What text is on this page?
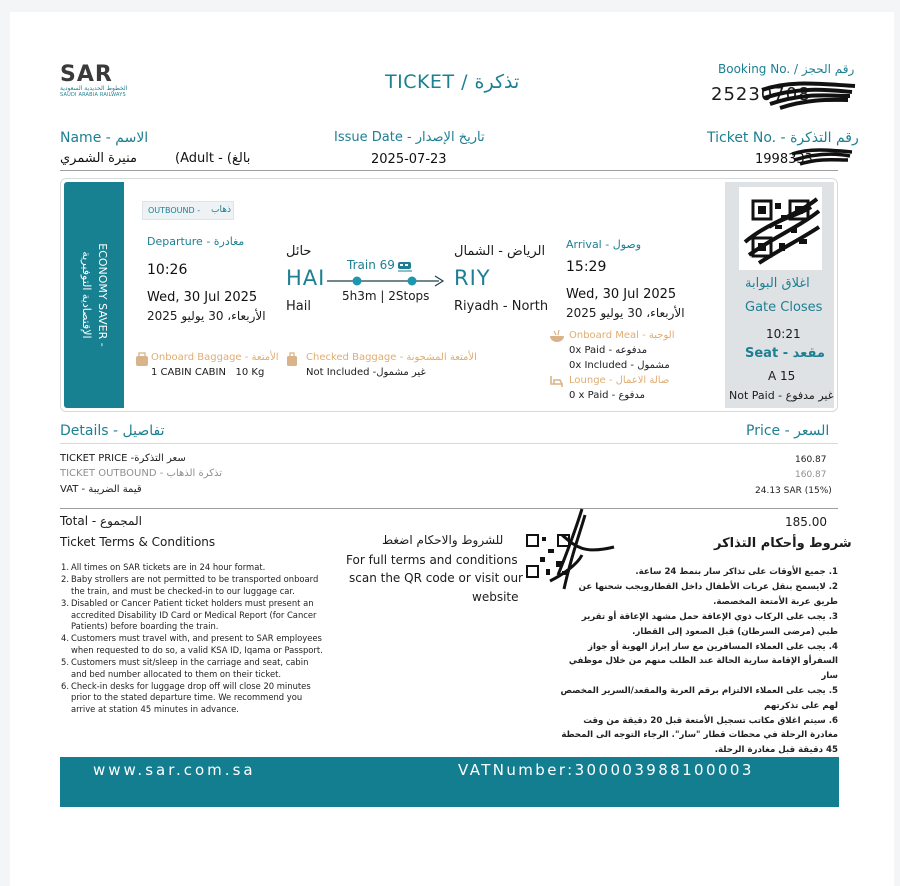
SAR
الخطوط الحديدية السعودية
SAUDI ARABIA RAILWAYS
TICKET / تذكرة
Booking No. / رقم الحجز
25230708
Name - الاسم
منيرة الشمري	(Adult - (بالغ
Issue Date - تاريخ الإصدار
2025-07-23
Ticket No. - رقم التذكرة
1998333
ECONOMY SAVER -
الإقتصادية التوفيرية
OUTBOUND - ذهاب
Departure - مغادرة
10:26
Wed, 30 Jul 2025
الأربعاء، 30 يوليو 2025
حائل
HAI
Hail
Train 69
5h3m | 2Stops
الرياض - الشمال
RIY
Riyadh - North
Arrival - وصول
15:29
Wed, 30 Jul 2025
الأربعاء، 30 يوليو 2025
Onboard Baggage - الأمتعة
1 CABIN CABIN   10 Kg
Checked Baggage - الأمتعة المشحونة
Not Included -غير مشمول
Onboard Meal - الوجبة
0x Paid - مدفوعه
0x Included - مشمول
Lounge - صالة الاعمال
0 x Paid - مدفوع
اغلاق البوابة
Gate Closes
10:21
Seat - مقعد
A 15
Not Paid - غير مدفوع
Details - تفاصيل	Price - السعر
TICKET PRICE -سعر التذكرة	160.87
TICKET OUTBOUND - تذكرة الذهاب	160.87
VAT - قيمة الضريبة	24.13 SAR (15%)
Total - المجموع	185.00
Ticket Terms & Conditions	شروط وأحكام التذاكر
للشروط والاحكام اضغط
For full terms and conditions
scan the QR code or visit our
website
1. All times on SAR tickets are in 24 hour format.
2. Baby strollers are not permitted to be transported onboard the train, and must be checked-in to our luggage car.
3. Disabled or Cancer Patient ticket holders must present an accredited Disability ID Card or Medical Report (for Cancer Patients) before boarding the train.
4. Customers must travel with, and present to SAR employees when requested to do so, a valid KSA ID, Iqama or Passport.
5. Customers must sit/sleep in the carriage and seat, cabin and bed number allocated to them on their ticket.
6. Check-in desks for luggage drop off will close 20 minutes prior to the stated departure time. We recommend you arrive at station 45 minutes in advance.
1. جميع الأوقات على تذاكر سار بنمط 24 ساعة.
2. لايسمح بنقل عربات الأطفال داخل القطارويجب شحنها عن طريق عربة الأمتعة المخصصة.
3. يجب على الركاب ذوي الإعاقة حمل مشهد الإعاقة أو تقرير طبي (مرضى السرطان) قبل الصعود إلى القطار.
4. يجب على العملاء المسافرين مع سار إبراز الهوية أو جواز السفرأو الإقامة سارية الحالة عند الطلب منهم من خلال موظفي سار
5. يجب على العملاء الالتزام برقم العربة والمقعد/السرير المخصص لهم على تذكرتهم
6. سيتم اغلاق مكاتب تسجيل الأمتعة قبل 20 دقيقة من وقت مغادرة الرحلة في محطات قطار "سار". الرجاء التوجه الى المحطة 45 دقيقة قبل مغادرة الرحلة.
www.sar.com.sa	VATNumber:300003988100003
